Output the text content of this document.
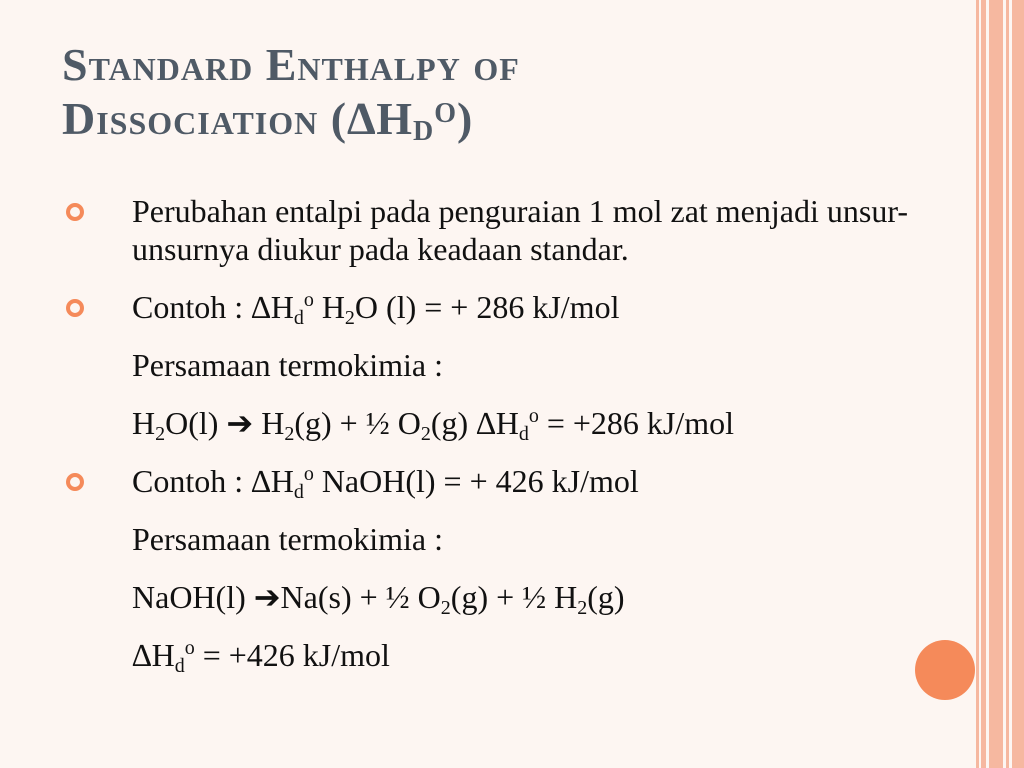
Standard Enthalpy of
Dissociation $(\Delta H_D^O)$
Perubahan entalpi pada penguraian 1 mol zat menjadi unsur-unsurnya diukur pada keadaan standar.
Contoh : $\Delta H_d^o$ $H_2O$ (l) = + 286 kJ/mol
Persamaan termokimia :
$H_2O(l)$ ➔ $H_2(g)$ + ½ $O_2(g) \Delta H_d^o = +286$ kJ/mol
Contoh : $\Delta H_d^o$ NaOH(l) = + 426 kJ/mol
Persamaan termokimia :
NaOH(l) ➔Na(s) + ½ $O_2(g)$ + ½ $H_2(g)$
$\Delta H_d^o = +426$ kJ/mol
